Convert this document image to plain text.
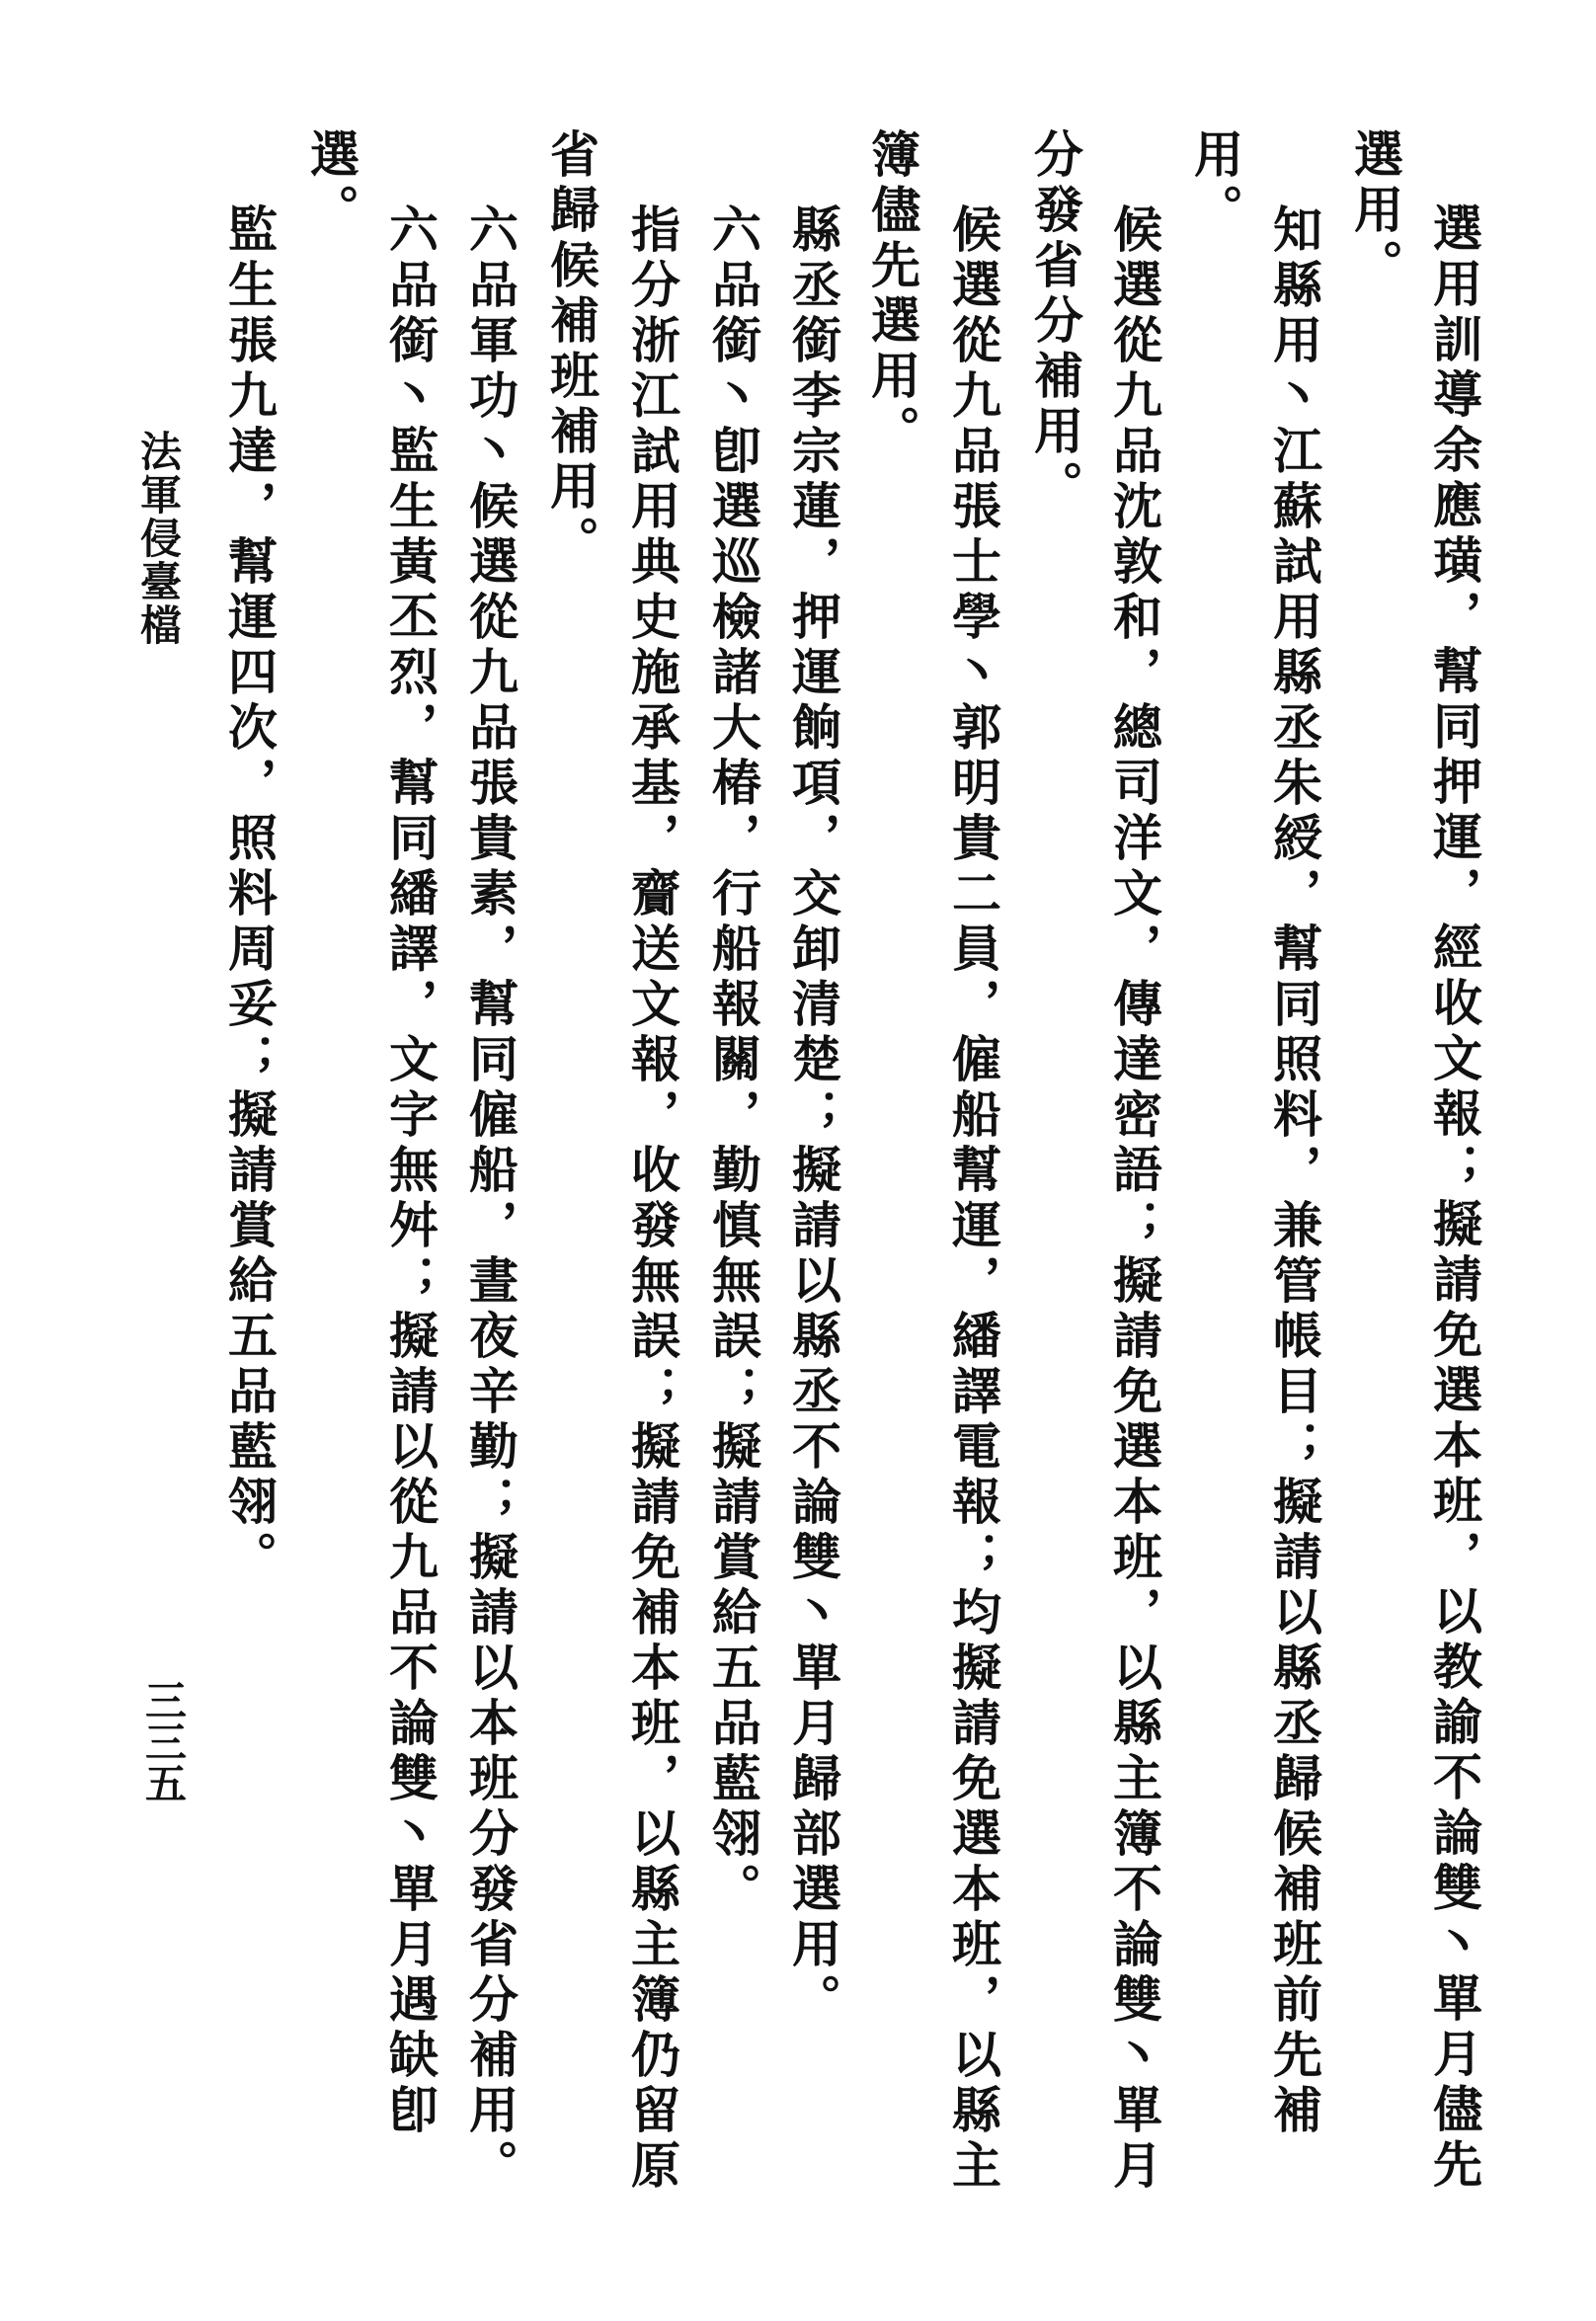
選用訓導余應璜，幫同押運，經收文報；擬請免選本班，以教諭不論雙丶單月儘先
選用。
　知縣用丶江蘇試用縣丞朱綬，幫同照料，兼管帳目；擬請以縣丞歸候補班前先補
用。
　候選從九品沈敦和，總司洋文，傳達密語；擬請免選本班，以縣主簿不論雙丶單月
分發省分補用。
　候選從九品張士學丶郭明貴二員，僱船幫運，繙譯電報；均擬請免選本班，以縣主
簿儘先選用。
　縣丞銜李宗蓮，押運餉項，交卸清楚；擬請以縣丞不論雙丶單月歸部選用。
　六品銜丶卽選巡檢諸大椿，行船報關，勤慎無誤；擬請賞給五品藍翎。
　指分浙江試用典史施承基，齎送文報，收發無誤；擬請免補本班，以縣主簿仍留原
省歸候補班補用。
　六品軍功丶候選從九品張貴素，幫同僱船，晝夜辛勤；擬請以本班分發省分補用。
　六品銜丶監生黃丕烈，幫同繙譯，文字無舛；擬請以從九品不論雙丶單月遇缺卽
選。
　監生張九達，幫運四次，照料周妥；擬請賞給五品藍翎。
法軍侵臺檔
三三五
